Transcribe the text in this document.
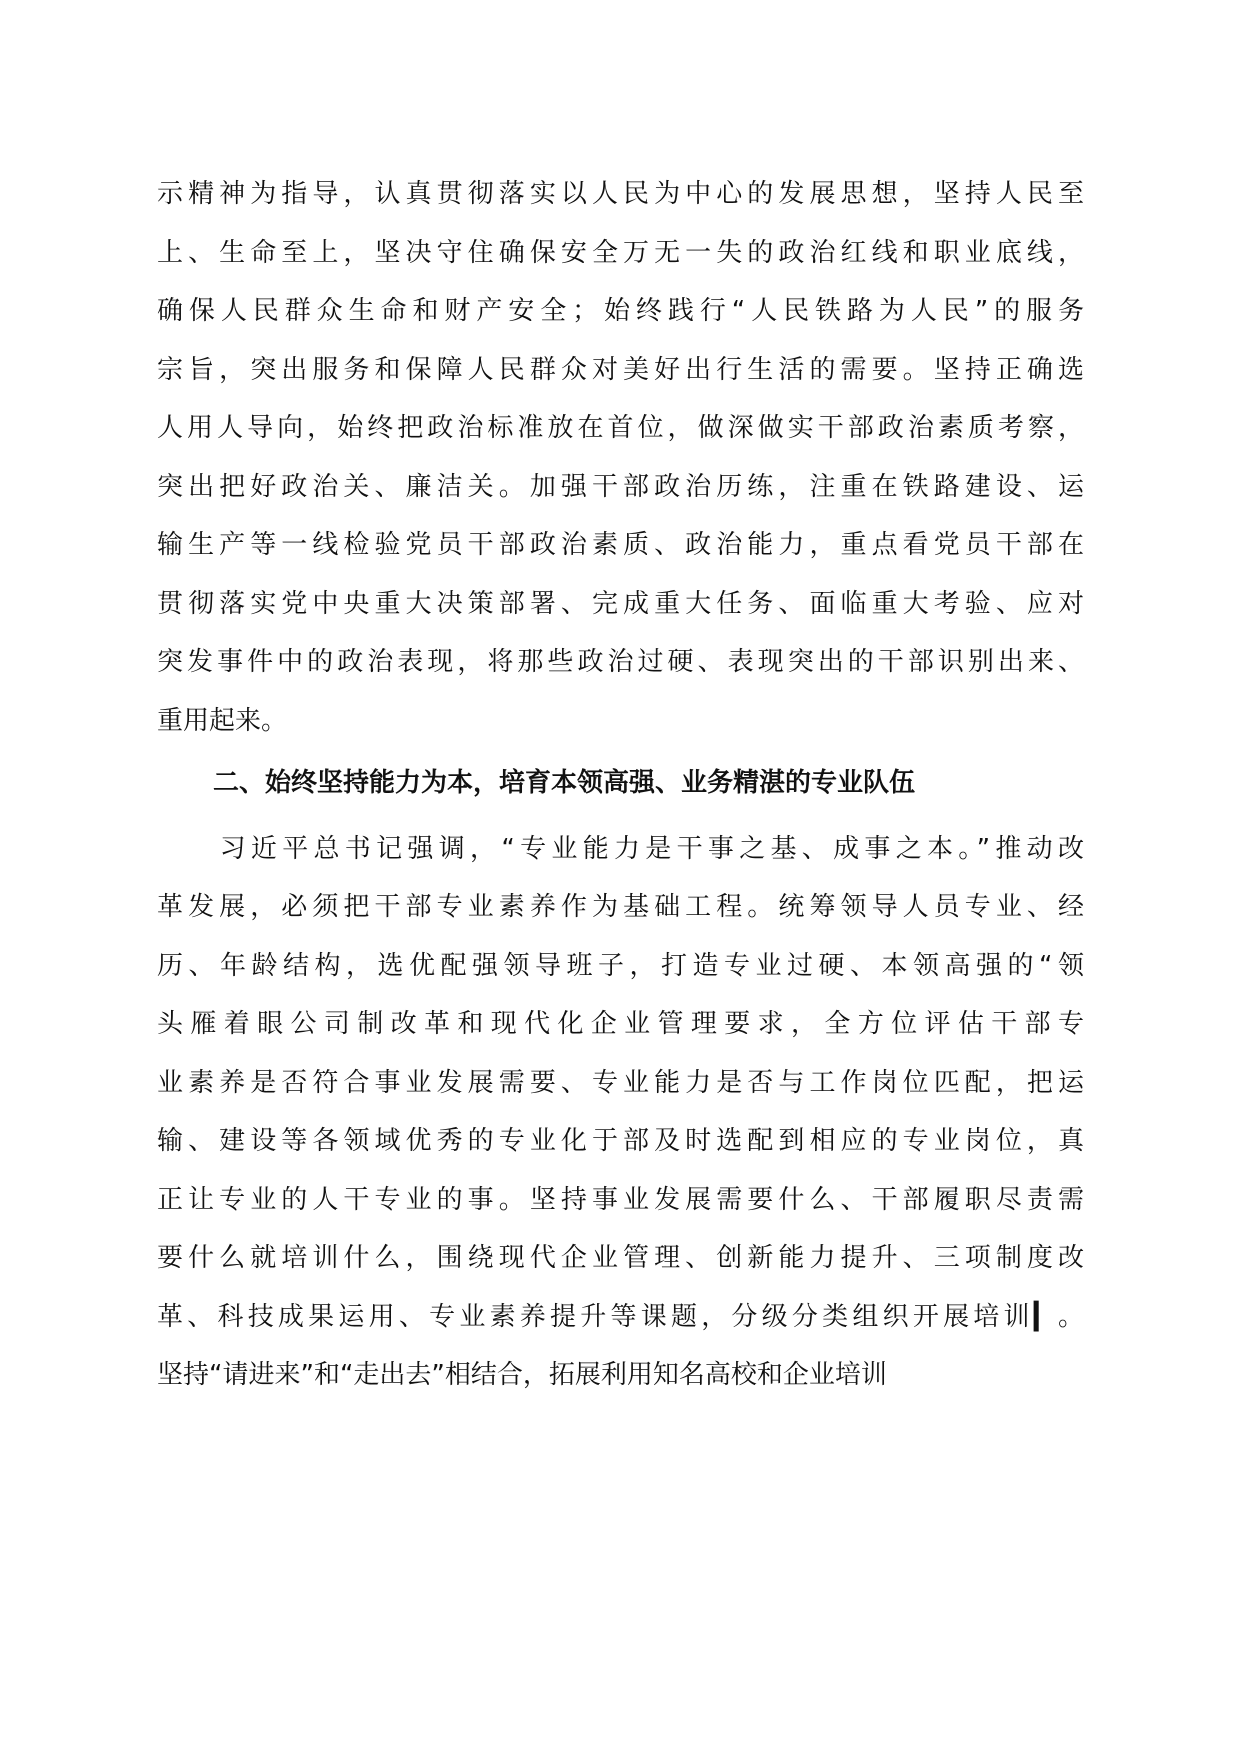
示精神为指导，认真贯彻落实以人民为中心的发展思想，坚持人民至
上、生命至上，坚决守住确保安全万无一失的政治红线和职业底线，
确保人民群众生命和财产安全；始终践行“人民铁路为人民”的服务
宗旨，突出服务和保障人民群众对美好出行生活的需要。坚持正确选
人用人导向，始终把政治标准放在首位，做深做实干部政治素质考察，
突出把好政治关、廉洁关。加强干部政治历练，注重在铁路建设、运
输生产等一线检验党员干部政治素质、政治能力，重点看党员干部在
贯彻落实党中央重大决策部署、完成重大任务、面临重大考验、应对
突发事件中的政治表现，将那些政治过硬、表现突出的干部识别出来、
重用起来。
二、始终坚持能力为本，培育本领高强、业务精湛的专业队伍
　　习近平总书记强调，“专业能力是干事之基、成事之本。”推动改
革发展，必须把干部专业素养作为基础工程。统筹领导人员专业、经
历、年龄结构，选优配强领导班子，打造专业过硬、本领高强的“领
头雁着眼公司制改革和现代化企业管理要求，全方位评估干部专
业素养是否符合事业发展需要、专业能力是否与工作岗位匹配，把运
输、建设等各领域优秀的专业化于部及时选配到相应的专业岗位，真
正让专业的人干专业的事。坚持事业发展需要什么、干部履职尽责需
要什么就培训什么，围绕现代企业管理、创新能力提升、三项制度改
革、科技成果运用、专业素养提升等课题，分级分类组织开展培训▎。
坚持“请进来”和“走出去”相结合，拓展利用知名高校和企业培训
